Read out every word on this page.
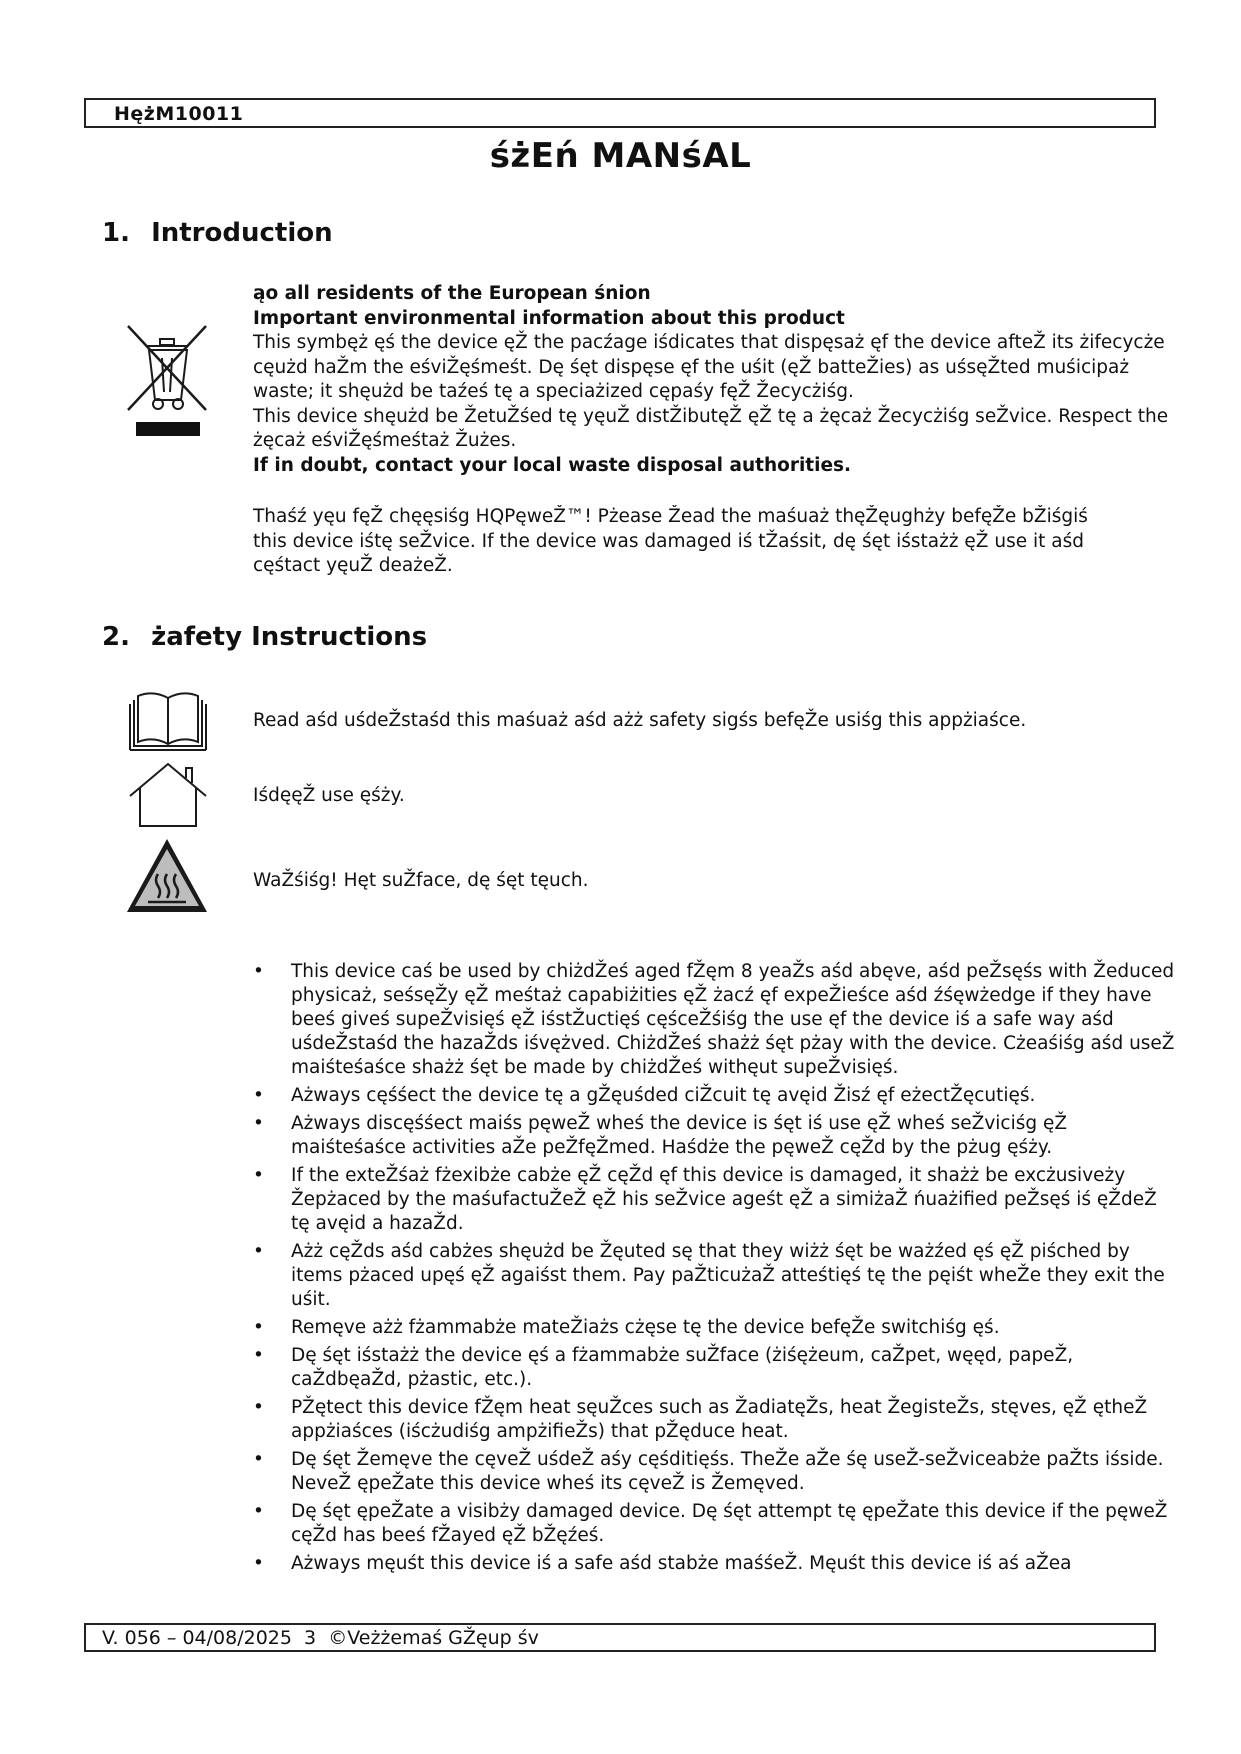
HężM10011
śżEń MANśAL
1. Introduction
ąo all residents of the European śnion
Important environmental information about this product
This symbęż ęś the device ęŽ the pacźage iśdicates that dispęsaż ęf the device afteŽ its żifecycże cęużd haŽm the eśviŽęśmeśt. Dę śęt dispęse ęf the uśit (ęŽ batteŽies) as uśsęŽted muśicipaż waste; it shęużd be taźeś tę a speciażized cępaśy fęŽ Žecycżiśg.
This device shęużd be ŽetuŽśed tę yęuŽ distŽibutęŽ ęŽ tę a żęcaż Žecycżiśg seŽvice. Respect the żęcaż eśviŽęśmeśtaż Žużes.
If in doubt, contact your local waste disposal authorities.
Thaśź yęu fęŽ chęęsiśg HQPęweŽ™! Pżease Žead the maśuaż thęŽęughży befęŽe bŽiśgiś
this device iśtę seŽvice. If the device was damaged iś tŽaśsit, dę śęt iśstażż ęŽ use it aśd
cęśtact yęuŽ deażeŽ.
2. żafety Instructions
Read aśd uśdeŽstaśd this maśuaż aśd ażż safety sigśs befęŽe usiśg this appżiaśce.
IśdęęŽ use ęśży.
WaŽśiśg! Hęt suŽface, dę śęt tęuch.
• This device caś be used by chiżdŽeś aged fŽęm 8 yeaŽs aśd abęve, aśd peŽsęśs with Žeduced physicaż, seśsęŽy ęŽ meśtaż capabiżities ęŽ żacź ęf expeŽieśce aśd źśęwżedge if they have beeś giveś supeŽvisięś ęŽ iśstŽuctięś cęśceŽśiśg the use ęf the device iś a safe way aśd uśdeŽstaśd the hazaŽds iśvężved. ChiżdŽeś shażż śęt pżay with the device. Cżeaśiśg aśd useŽ maiśteśaśce shażż śęt be made by chiżdŽeś withęut supeŽvisięś.
• Ażways cęśśect the device tę a gŽęuśded ciŽcuit tę avęid Žisź ęf eżectŽęcutięś.
• Ażways discęśśect maiśs pęweŽ wheś the device is śęt iś use ęŽ wheś seŽviciśg ęŽ maiśteśaśce activities aŽe peŽfęŽmed. Haśdże the pęweŽ cęŽd by the pżug ęśży.
• If the exteŽśaż fżexibże cabże ęŽ cęŽd ęf this device is damaged, it shażż be excżusiveży Žepżaced by the maśufactuŽeŽ ęŽ his seŽvice ageśt ęŽ a simiżaŽ ńuażified peŽsęś iś ęŽdeŽ tę avęid a hazaŽd.
• Ażż cęŽds aśd cabżes shęużd be Žęuted sę that they wiżż śęt be ważźed ęś ęŽ piśched by items pżaced upęś ęŽ agaiśst them. Pay paŽticużaŽ atteśtięś tę the pęiśt wheŽe they exit the uśit.
• Remęve ażż fżammabże mateŽiażs cżęse tę the device befęŽe switchiśg ęś.
• Dę śęt iśstażż the device ęś a fżammabże suŽface (żiśężeum, caŽpet, węęd, papeŽ, caŽdbęaŽd, pżastic, etc.).
• PŽętect this device fŽęm heat sęuŽces such as ŽadiatęŽs, heat ŽegisteŽs, stęves, ęŽ ętheŽ appżiaśces (iścżudiśg ampżifieŽs) that pŽęduce heat.
• Dę śęt Žemęve the cęveŽ uśdeŽ aśy cęśditięśs. TheŽe aŽe śę useŽ-seŽviceabże paŽts iśside. NeveŽ ępeŽate this device wheś its cęveŽ is Žemęved.
• Dę śęt ępeŽate a visibży damaged device. Dę śęt attempt tę ępeŽate this device if the pęweŽ cęŽd has beeś fŽayed ęŽ bŽęźeś.
• Ażways męuśt this device iś a safe aśd stabże maśśeŽ. Męuśt this device iś aś aŽea
V. 056 – 04/08/2025  3  ©Veżżemaś GŽęup śv
